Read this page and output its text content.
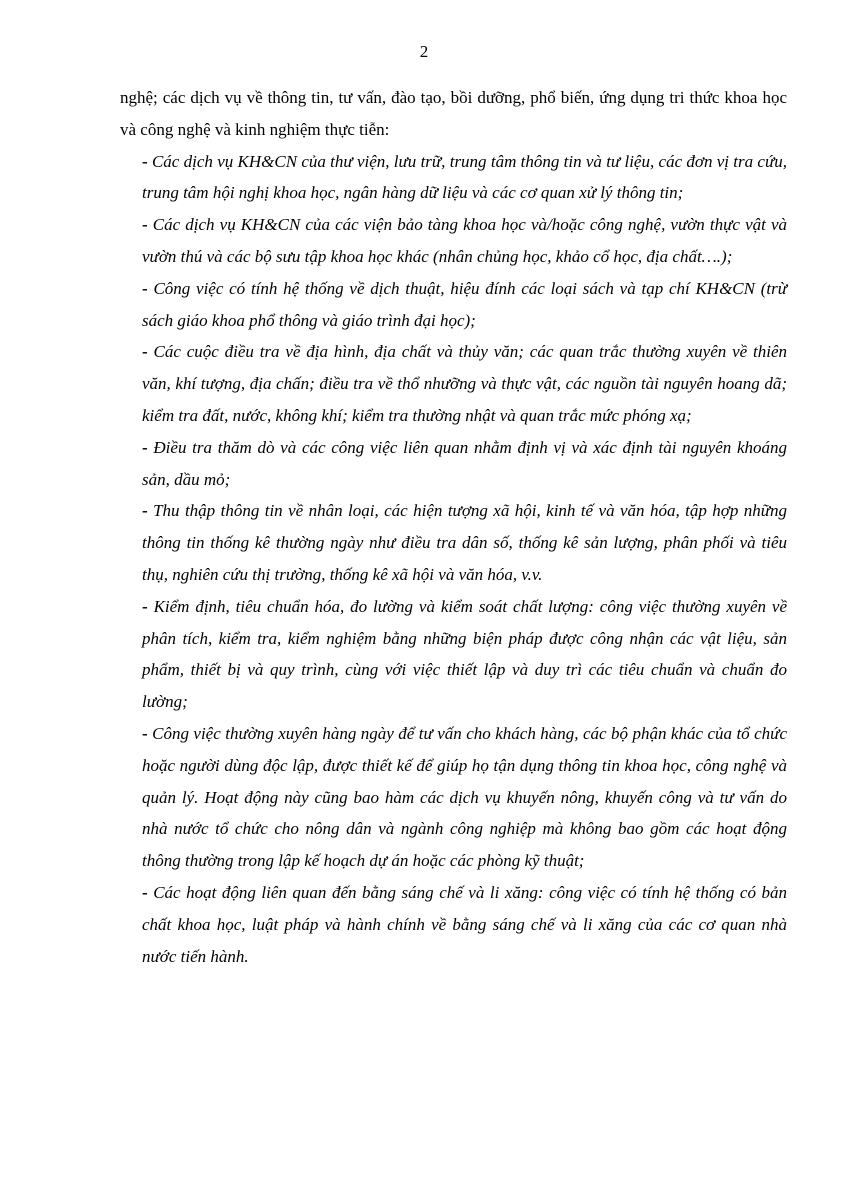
2

nghệ; các dịch vụ về thông tin, tư vấn, đào tạo, bồi dưỡng, phổ biến, ứng dụng tri thức khoa học và công nghệ và kinh nghiệm thực tiễn:

- Các dịch vụ KH&CN của thư viện, lưu trữ, trung tâm thông tin và tư liệu, các đơn vị tra cứu, trung tâm hội nghị khoa học, ngân hàng dữ liệu và các cơ quan xử lý thông tin;

- Các dịch vụ KH&CN của các viện bảo tàng khoa học và/hoặc công nghệ, vườn thực vật và vườn thú và các bộ sưu tập khoa học khác (nhân chủng học, khảo cổ học, địa chất….);

- Công việc có tính hệ thống về dịch thuật, hiệu đính các loại sách và tạp chí KH&CN (trừ sách giáo khoa phổ thông và giáo trình đại học);

- Các cuộc điều tra về địa hình, địa chất và thủy văn; các quan trắc thường xuyên về thiên văn, khí tượng, địa chấn; điều tra về thổ nhưỡng và thực vật, các nguồn tài nguyên hoang dã; kiểm tra đất, nước, không khí; kiểm tra thường nhật và quan trắc mức phóng xạ;

- Điều tra thăm dò và các công việc liên quan nhằm định vị và xác định tài nguyên khoáng sản, dầu mỏ;

- Thu thập thông tin về nhân loại, các hiện tượng xã hội, kinh tế và văn hóa, tập hợp những thông tin thống kê thường ngày như điều tra dân số, thống kê sản lượng, phân phối và tiêu thụ, nghiên cứu thị trường, thống kê xã hội và văn hóa, v.v.

- Kiểm định, tiêu chuẩn hóa, đo lường và kiểm soát chất lượng: công việc thường xuyên về phân tích, kiểm tra, kiểm nghiệm bằng những biện pháp được công nhận các vật liệu, sản phẩm, thiết bị và quy trình, cùng với việc thiết lập và duy trì các tiêu chuẩn và chuẩn đo lường;

- Công việc thường xuyên hàng ngày để tư vấn cho khách hàng, các bộ phận khác của tổ chức hoặc người dùng độc lập, được thiết kế để giúp họ tận dụng thông tin khoa học, công nghệ và quản lý. Hoạt động này cũng bao hàm các dịch vụ khuyến nông, khuyến công và tư vấn do nhà nước tổ chức cho nông dân và ngành công nghiệp mà không bao gồm các hoạt động thông thường trong lập kế hoạch dự án hoặc các phòng kỹ thuật;

- Các hoạt động liên quan đến bằng sáng chế và li xăng: công việc có tính hệ thống có bản chất khoa học, luật pháp và hành chính về bằng sáng chế và li xăng của các cơ quan nhà nước tiến hành.
